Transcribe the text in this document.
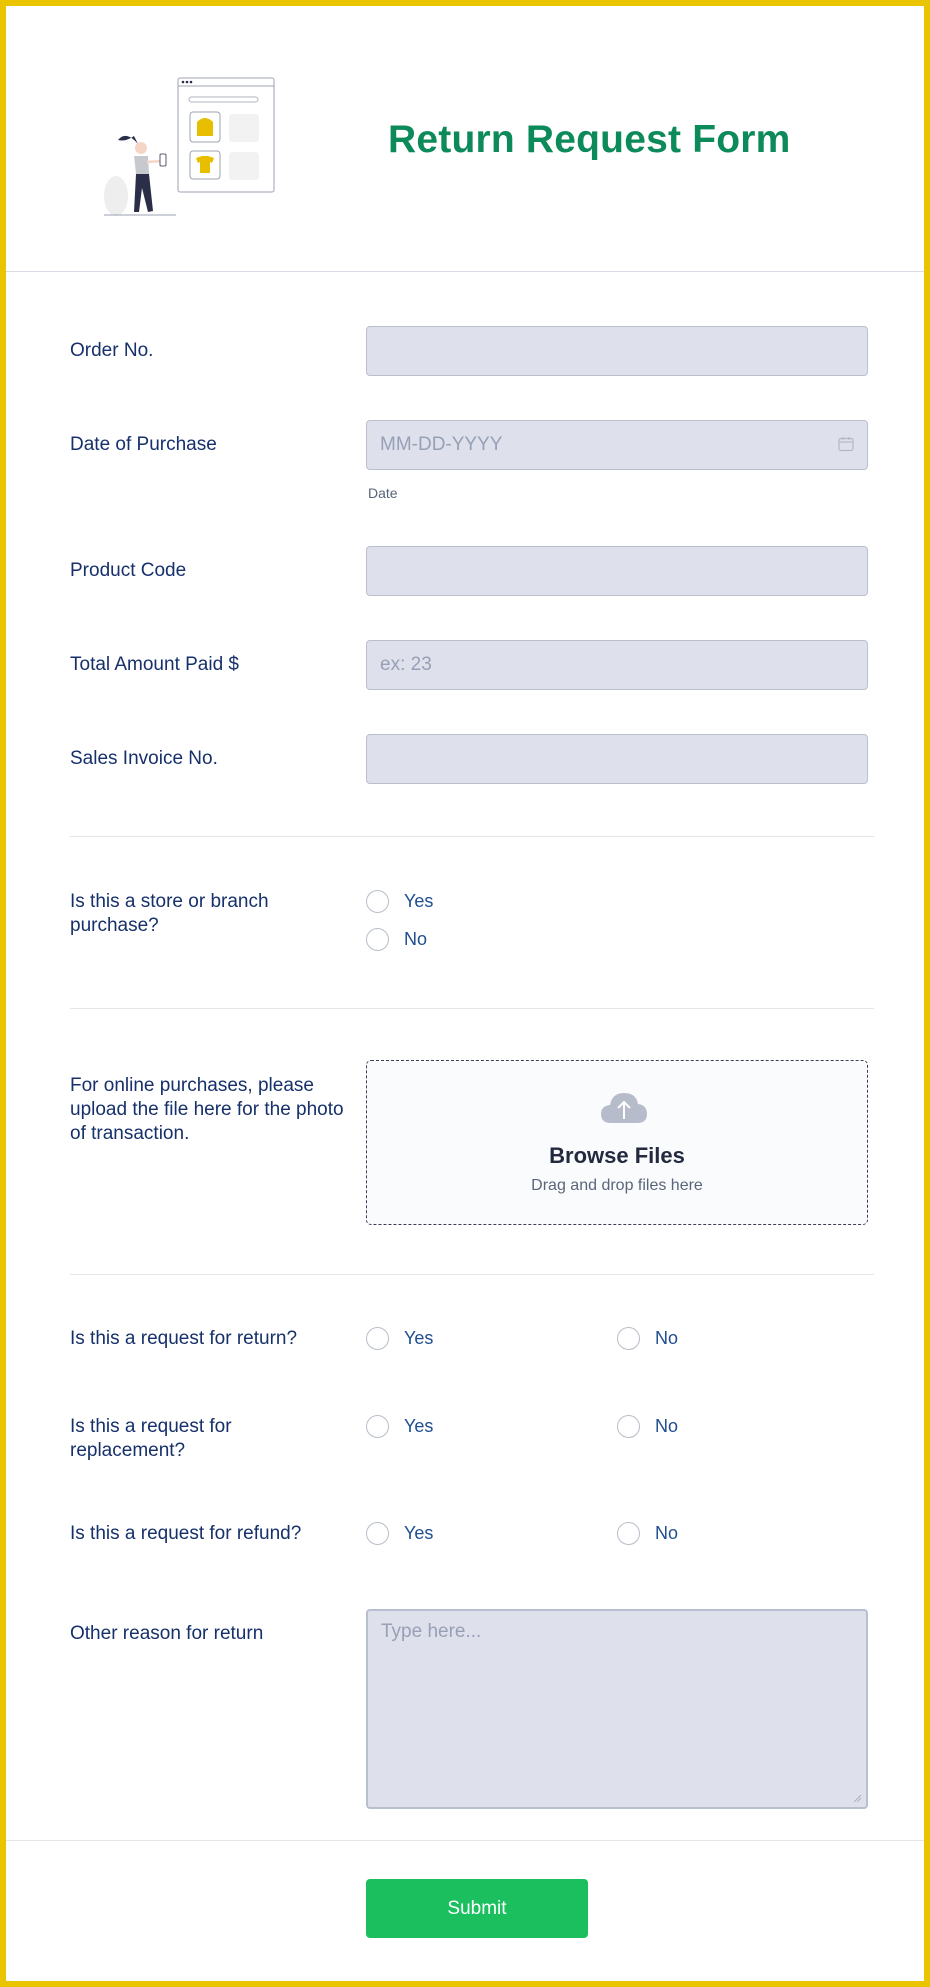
Return Request Form
Order No.
Date of Purchase	MM-DD-YYYY
Date
Product Code
Total Amount Paid $	ex: 23
Sales Invoice No.
Is this a store or branch purchase?
Yes
No
For online purchases, please upload the file here for the photo of transaction.
Browse Files
Drag and drop files here
Is this a request for return?	Yes	No
Is this a request for replacement?
Yes	No
Is this a request for refund?	Yes	No
Other reason for return	Type here...
Submit
